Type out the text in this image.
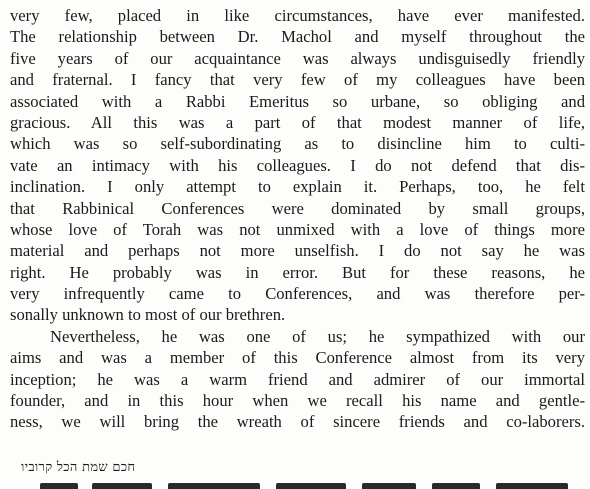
very few, placed in like circumstances, have ever manifested.
The relationship between Dr. Machol and myself throughout the
five years of our acquaintance was always undisguisedly friendly
and fraternal. I fancy that very few of my colleagues have been
associated with a Rabbi Emeritus so urbane, so obliging and
gracious. All this was a part of that modest manner of life,
which was so self-subordinating as to disincline him to culti-
vate an intimacy with his colleagues. I do not defend that dis-
inclination. I only attempt to explain it. Perhaps, too, he felt
that Rabbinical Conferences were dominated by small groups,
whose love of Torah was not unmixed with a love of things more
material and perhaps not more unselfish. I do not say he was
right. He probably was in error. But for these reasons, he
very infrequently came to Conferences, and was therefore per-
sonally unknown to most of our brethren.
Nevertheless, he was one of us; he sympathized with our
aims and was a member of this Conference almost from its very
inception; he was a warm friend and admirer of our immortal
founder, and in this hour when we recall his name and gentle-
ness, we will bring the wreath of sincere friends and co-laborers.
חכם שמת הכל קרוביו
